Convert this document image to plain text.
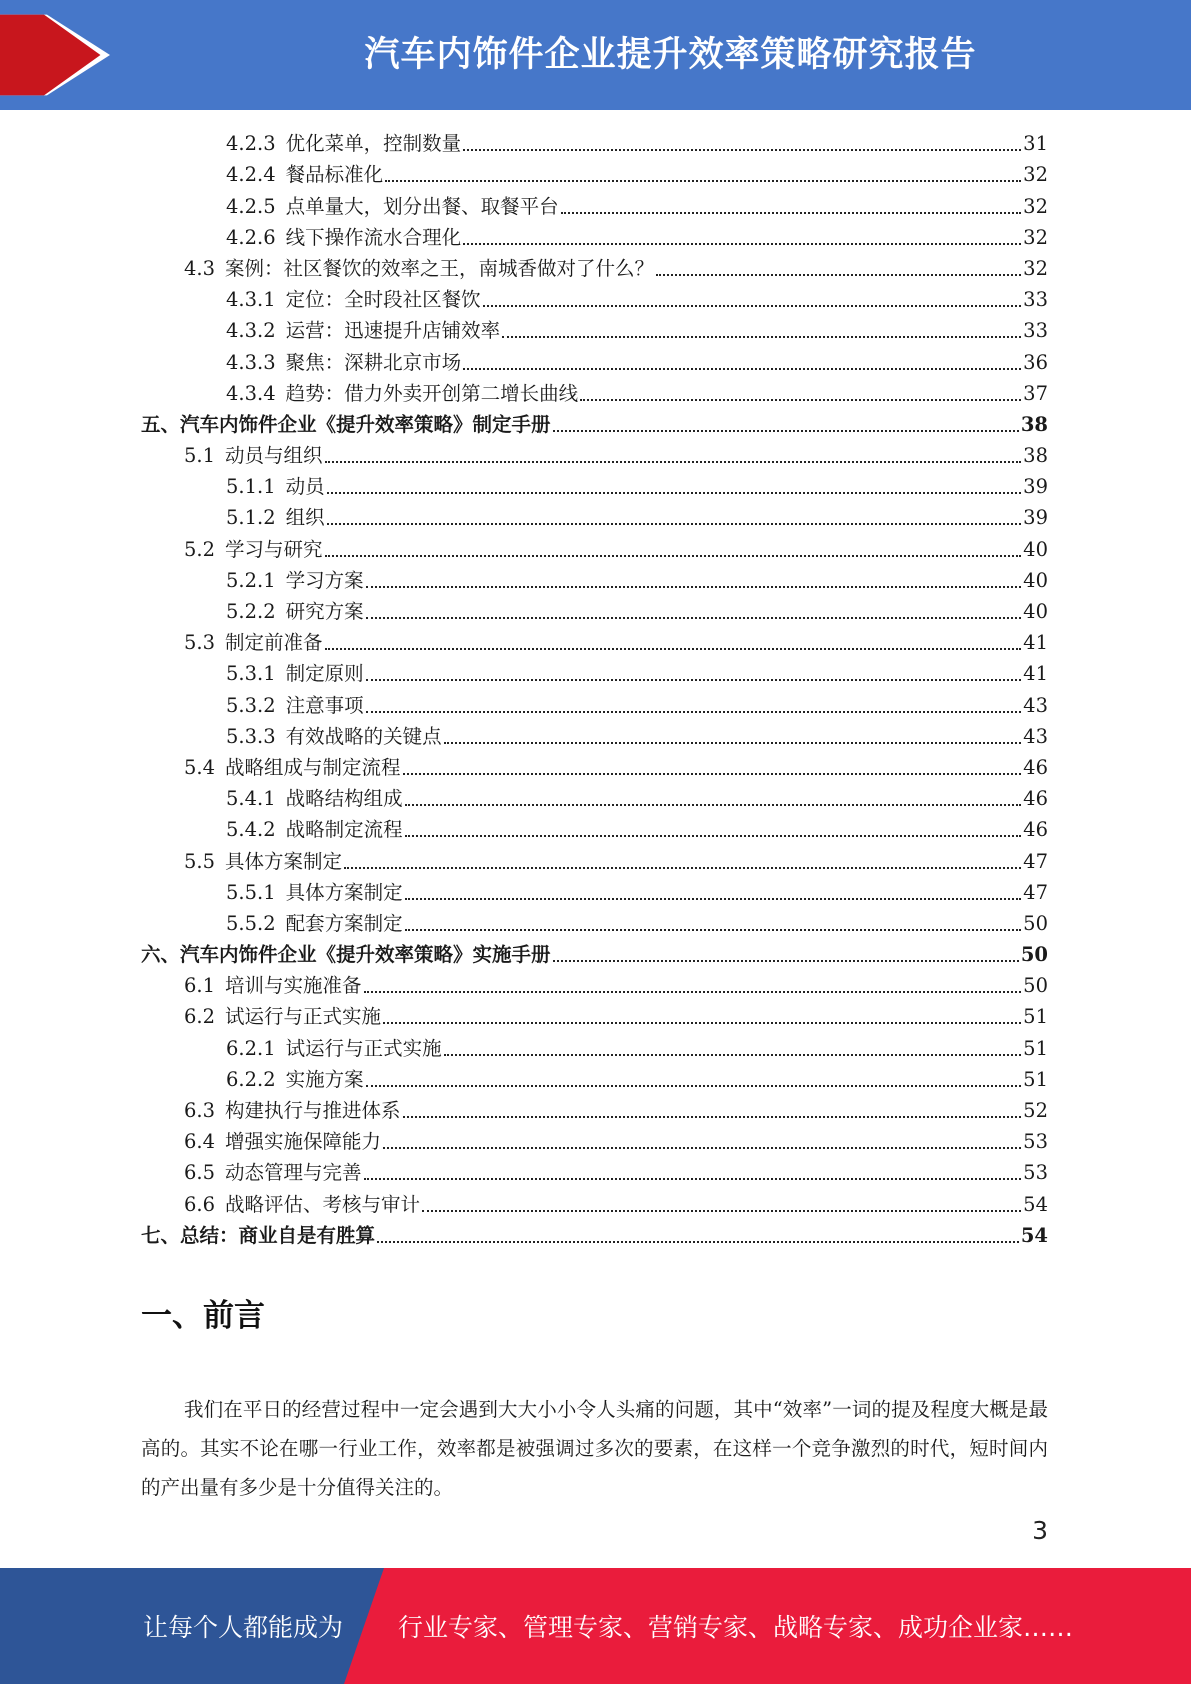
汽车内饰件企业提升效率策略研究报告
4.2.3 优化菜单，控制数量	31
4.2.4 餐品标准化	32
4.2.5 点单量大，划分出餐、取餐平台	32
4.2.6 线下操作流水合理化	32
4.3 案例：社区餐饮的效率之王，南城香做对了什么？	32
4.3.1 定位：全时段社区餐饮	33
4.3.2 运营：迅速提升店铺效率	33
4.3.3 聚焦：深耕北京市场	36
4.3.4 趋势：借力外卖开创第二增长曲线	37
五、 汽车内饰件企业《提升效率策略》制定手册	38
5.1 动员与组织	38
5.1.1 动员	39
5.1.2 组织	39
5.2 学习与研究	40
5.2.1 学习方案	40
5.2.2 研究方案	40
5.3 制定前准备	41
5.3.1 制定原则	41
5.3.2 注意事项	43
5.3.3 有效战略的关键点	43
5.4 战略组成与制定流程	46
5.4.1 战略结构组成	46
5.4.2 战略制定流程	46
5.5 具体方案制定	47
5.5.1 具体方案制定	47
5.5.2 配套方案制定	50
六、 汽车内饰件企业《提升效率策略》实施手册	50
6.1 培训与实施准备	50
6.2 试运行与正式实施	51
6.2.1 试运行与正式实施	51
6.2.2 实施方案	51
6.3 构建执行与推进体系	52
6.4 增强实施保障能力	53
6.5 动态管理与完善	53
6.6 战略评估、考核与审计	54
七、 总结：商业自是有胜算	54
一、前言
我们在平日的经营过程中一定会遇到大大小小令人头痛的问题，其中“效率”一词的提及程度大概是最高的。其实不论在哪一行业工作，效率都是被强调过多次的要素，在这样一个竞争激烈的时代，短时间内的产出量有多少是十分值得关注的。
3
让每个人都能成为 行业专家、管理专家、营销专家、战略专家、成功企业家……
